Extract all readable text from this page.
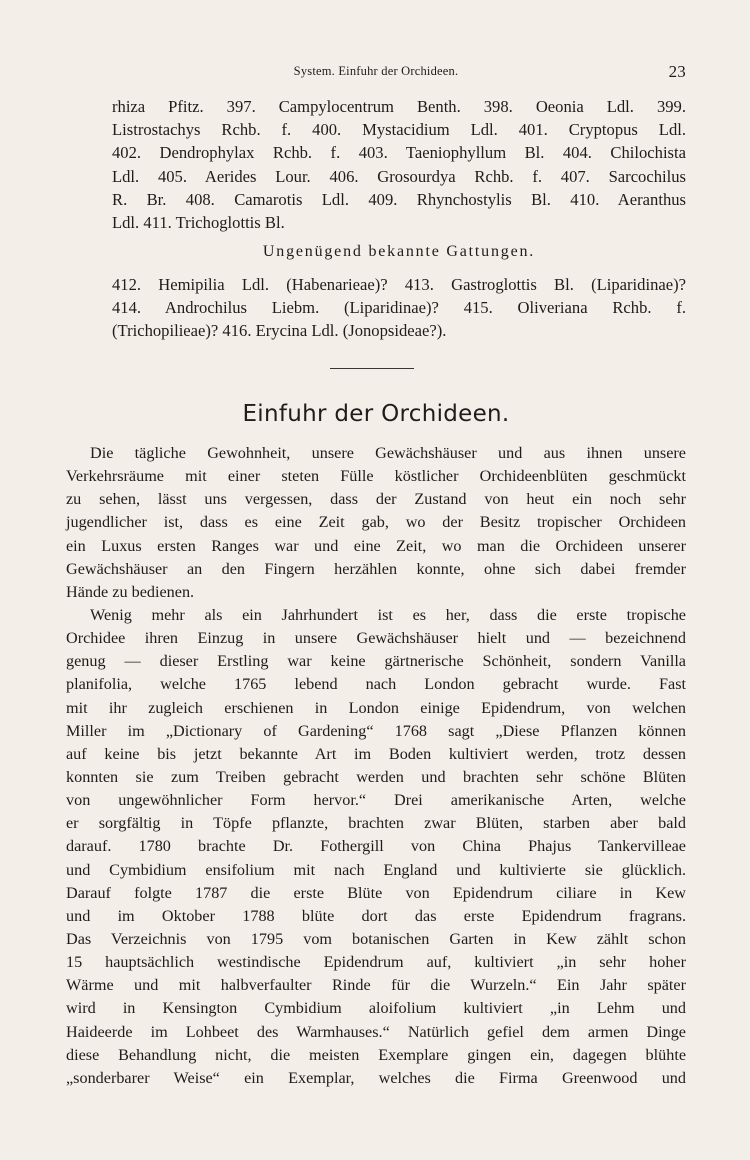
System. Einfuhr der Orchideen.	23
rhiza Pfitz. 397. Campylocentrum Benth. 398. Oeonia Ldl. 399.
Listrostachys Rchb. f. 400. Mystacidium Ldl. 401. Cryptopus Ldl.
402. Dendrophylax Rchb. f. 403. Taeniophyllum Bl. 404. Chilochista
Ldl. 405. Aerides Lour. 406. Grosourdya Rchb. f. 407. Sarcochilus
R. Br. 408. Camarotis Ldl. 409. Rhynchostylis Bl. 410. Aeranthus
Ldl. 411. Trichoglottis Bl.
Ungenügend bekannte Gattungen.
412. Hemipilia Ldl. (Habenariеae)? 413. Gastroglottis Bl. (Liparidinae)?
414. Androchilus Liebm. (Liparidinae)? 415. Oliveriana Rchb. f.
(Trichopilieae)? 416. Erycina Ldl. (Jonopsideae?).
Einfuhr der Orchideen.
Die tägliche Gewohnheit, unsere Gewächshäuser und aus ihnen unsere
Verkehrsräume mit einer steten Fülle köstlicher Orchideenblüten geschmückt
zu sehen, lässt uns vergessen, dass der Zustand von heut ein noch sehr
jugendlicher ist, dass es eine Zeit gab, wo der Besitz tropischer Orchideen
ein Luxus ersten Ranges war und eine Zeit, wo man die Orchideen unserer
Gewächshäuser an den Fingern herzählen konnte, ohne sich dabei fremder
Hände zu bedienen.
Wenig mehr als ein Jahrhundert ist es her, dass die erste tropische
Orchidee ihren Einzug in unsere Gewächshäuser hielt und — bezeichnend
genug — dieser Erstling war keine gärtnerische Schönheit, sondern Vanilla
planifolia, welche 1765 lebend nach London gebracht wurde. Fast
mit ihr zugleich erschienen in London einige Epidendrum, von welchen
Miller im „Dictionary of Gardening“ 1768 sagt „Diese Pflanzen können
auf keine bis jetzt bekannte Art im Boden kultiviert werden, trotz dessen
konnten sie zum Treiben gebracht werden und brachten sehr schöne Blüten
von ungewöhnlicher Form hervor.“ Drei amerikanische Arten, welche
er sorgfältig in Töpfe pflanzte, brachten zwar Blüten, starben aber bald
darauf. 1780 brachte Dr. Fothergill von China Phajus Tankervilleae
und Cymbidium ensifolium mit nach England und kultivierte sie glücklich.
Darauf folgte 1787 die erste Blüte von Epidendrum ciliare in Kew
und im Oktober 1788 blüte dort das erste Epidendrum fragrans.
Das Verzeichnis von 1795 vom botanischen Garten in Kew zählt schon
15 hauptsächlich westindische Epidendrum auf, kultiviert „in sehr hoher
Wärme und mit halbverfaulter Rinde für die Wurzeln.“ Ein Jahr später
wird in Kensington Cymbidium aloifolium kultiviert „in Lehm und
Haideerde im Lohbeet des Warmhauses.“ Natürlich gefiel dem armen Dinge
diese Behandlung nicht, die meisten Exemplare gingen ein, dagegen blühte
„sonderbarer Weise“ ein Exemplar, welches die Firma Greenwood und
